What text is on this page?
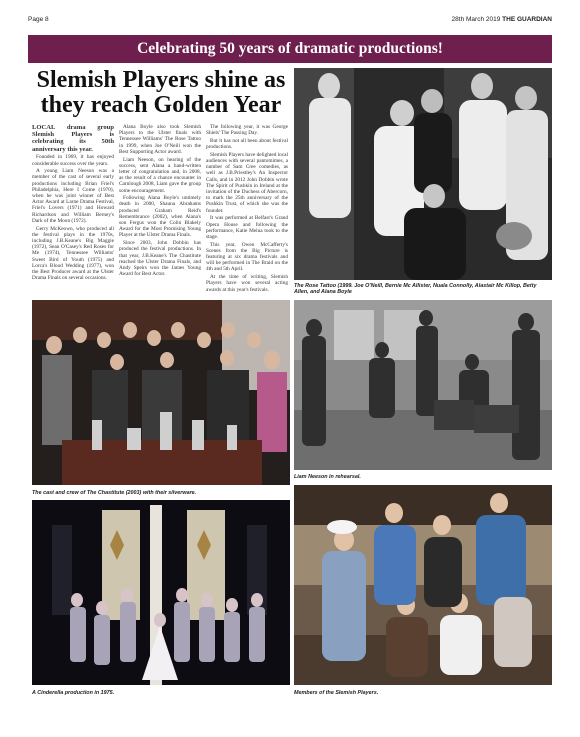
Page 8	28th March 2019 THE GUARDIAN
Celebrating 50 years of dramatic productions!
Slemish Players shine as they reach Golden Year

LOCAL drama group Slemish Players is celebrating its 50th anniversary this year.

Founded in 1969, it has enjoyed considerable success over the years.

A young Liam Neeson was a member of the cast of several early productions including Brian Friel's Philadelphia, Here I Come (1970), when he was joint winner of Best Actor Award at Larne Drama Festival, Friel's Lovers (1971) and Howard Richardson and William Berney's Dark of the Moon (1972).

Gerry McKeown, who produced all the festival plays in the 1970s, including J.B.Keane's Big Maggie (1972), Sean O'Casey's Red Roses for Me (1974), Tennessee Williams' Sweet Bird of Youth (1975) and Lorca's Blood Wedding (1977), won the Best Producer award at the Ulster Drama Finals on several occasions.

Alana Boyle also took Slemish Players to the Ulster finals with Tennessee Williams' The Rose Tattoo in 1999, when Joe O'Neill won the Best Supporting Actor award.

Liam Neeson, on hearing of the success, sent Alana a hand-written letter of congratulation and, in 2008, as the result of a chance encounter in Carnlough 2008, Liam gave the group some encouragement.

Following Alana Boyle's untimely death in 2000, Shauna Abrahams produced Graham Reid's Remembrance (2002), when Alana's son Fergus won the Colin Blakely Award for the Most Promising Young Player at the Ulster Drama Finals.

Since 2003, John Dobbin has produced the festival productions. In that year, J.B.Keane's The Chastitute reached the Ulster Drama Finals, and Andy Speirs won the James Young Award for Best Actor.

The following year, it was George Shiels' The Passing Day.

But it has not all been about festival productions.

Slemish Players have delighted local audiences with several pantomimes, a number of Sam Cree comedies, as well as J.B.Priestley's An Inspector Calls, and in 2012 John Dobbin wrote The Spirit of Pushkin in Ireland at the invitation of the Duchess of Abercorn, to mark the 25th anniversary of the Pushkin Trust, of which she was the founder.

It was performed at Belfast's Grand Opera House and following the performance, Katie Melua took to the stage.

This year, Owen McCafferty's Scenes from the Big Picture is featuring at six drama festivals and will be performed in The Braid on the 4th and 5th April.

At the time of writing, Slemish Players have won several acting awards at this year's festivals.

The Rose Tattoo (1999. Joe O'Neill, Bernie Mc Allister, Nuala Connolly, Alastair Mc Killop, Betty Allen, and Alana Boyle
The cast and crew of The Chastitute (2003) with their silverware.
Liam Neeson in rehearsal.
A Cinderella production in 1975.	Members of the Slemish Players.
